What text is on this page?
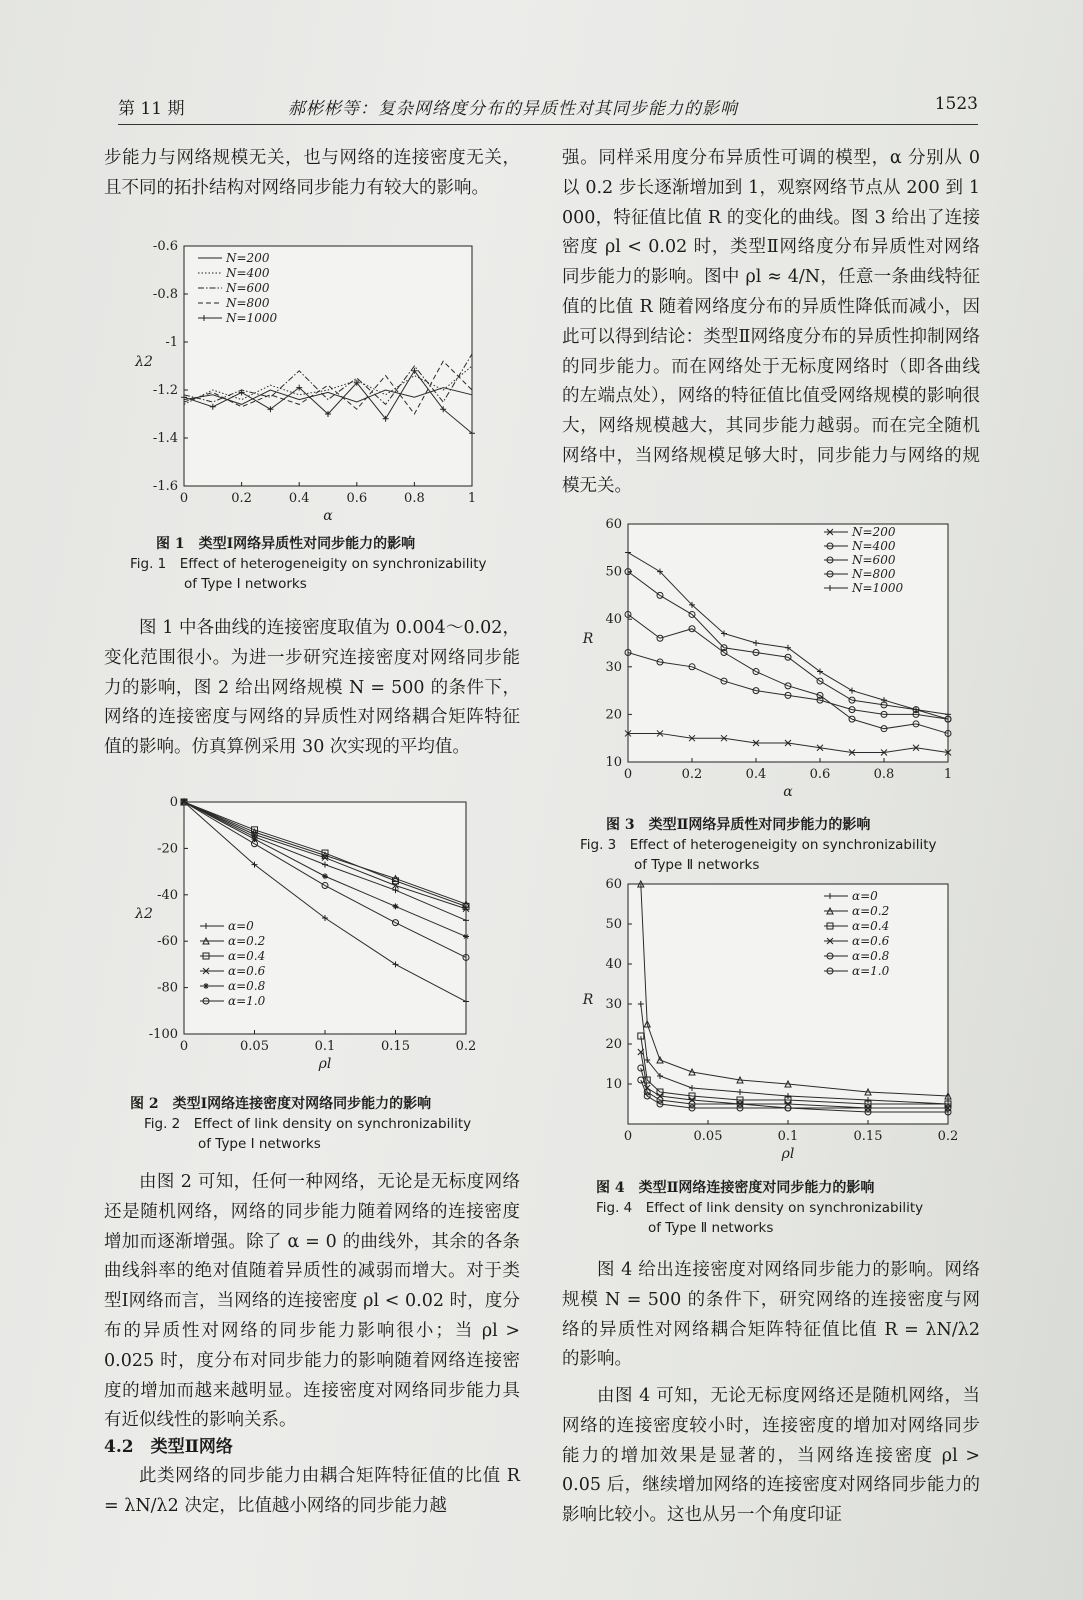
第 11 期	郝彬彬等：复杂网络度分布的异质性对其同步能力的影响	1523

步能力与网络规模无关，也与网络的连接密度无关，且不同的拓扑结构对网络同步能力有较大的影响。

0	0.2	0.4	0.6	0.8	1
-0.6
-0.8
-1
-1.2
-1.4
-1.6
α
λ2
N=200
N=400
N=600
N=800
N=1000
图 1　类型Ⅰ网络异质性对同步能力的影响
Fig. 1　Effect of heterogeneigity on synchronizability
of Type Ⅰ networks

图 1 中各曲线的连接密度取值为 0.004～0.02，变化范围很小。为进一步研究连接密度对网络同步能力的影响，图 2 给出网络规模 N = 500 的条件下，网络的连接密度与网络的异质性对网络耦合矩阵特征值的影响。仿真算例采用 30 次实现的平均值。

0	0.05	0.1	0.15	0.2
0
-20
-40
-60
-80
-100
ρl
λ2
α=0
α=0.2
α=0.4
α=0.6
α=0.8
α=1.0
图 2　类型Ⅰ网络连接密度对网络同步能力的影响
Fig. 2　Effect of link density on synchronizability
of Type Ⅰ networks

由图 2 可知，任何一种网络，无论是无标度网络还是随机网络，网络的同步能力随着网络的连接密度增加而逐渐增强。除了 α = 0 的曲线外，其余的各条曲线斜率的绝对值随着异质性的减弱而增大。对于类型Ⅰ网络而言，当网络的连接密度 ρl < 0.02 时，度分布的异质性对网络的同步能力影响很小；当 ρl > 0.025 时，度分布对同步能力的影响随着网络连接密度的增加而越来越明显。连接密度对网络同步能力具有近似线性的影响关系。

4.2　类型Ⅱ网络

此类网络的同步能力由耦合矩阵特征值的比值 R = λN/λ2 决定，比值越小网络的同步能力越

强。同样采用度分布异质性可调的模型，α 分别从 0 以 0.2 步长逐渐增加到 1，观察网络节点从 200 到 1 000，特征值比值 R 的变化的曲线。图 3 给出了连接密度 ρl < 0.02 时，类型Ⅱ网络度分布异质性对网络同步能力的影响。图中 ρl ≈ 4/N，任意一条曲线特征值的比值 R 随着网络度分布的异质性降低而减小，因此可以得到结论：类型Ⅱ网络度分布的异质性抑制网络的同步能力。而在网络处于无标度网络时（即各曲线的左端点处），网络的特征值比值受网络规模的影响很大，网络规模越大，其同步能力越弱。而在完全随机网络中，当网络规模足够大时，同步能力与网络的规模无关。

0	0.2	0.4	0.6	0.8	1
10
20
30
40
50
60
α
R
N=200
N=400
N=600
N=800
N=1000
图 3　类型Ⅱ网络异质性对同步能力的影响
Fig. 3　Effect of heterogeneigity on synchronizability
of Type Ⅱ networks
0	0.05	0.1	0.15	0.2
10
20
30
40
50
60
ρl
R
α=0
α=0.2
α=0.4
α=0.6
α=0.8
α=1.0
图 4　类型Ⅱ网络连接密度对同步能力的影响
Fig. 4　Effect of link density on synchronizability
of Type Ⅱ networks

图 4 给出连接密度对网络同步能力的影响。网络规模 N = 500 的条件下，研究网络的连接密度与网络的异质性对网络耦合矩阵特征值比值 R = λN/λ2 的影响。

由图 4 可知，无论无标度网络还是随机网络，当网络的连接密度较小时，连接密度的增加对网络同步能力的增加效果是显著的，当网络连接密度 ρl > 0.05 后，继续增加网络的连接密度对网络同步能力的影响比较小。这也从另一个角度印证
